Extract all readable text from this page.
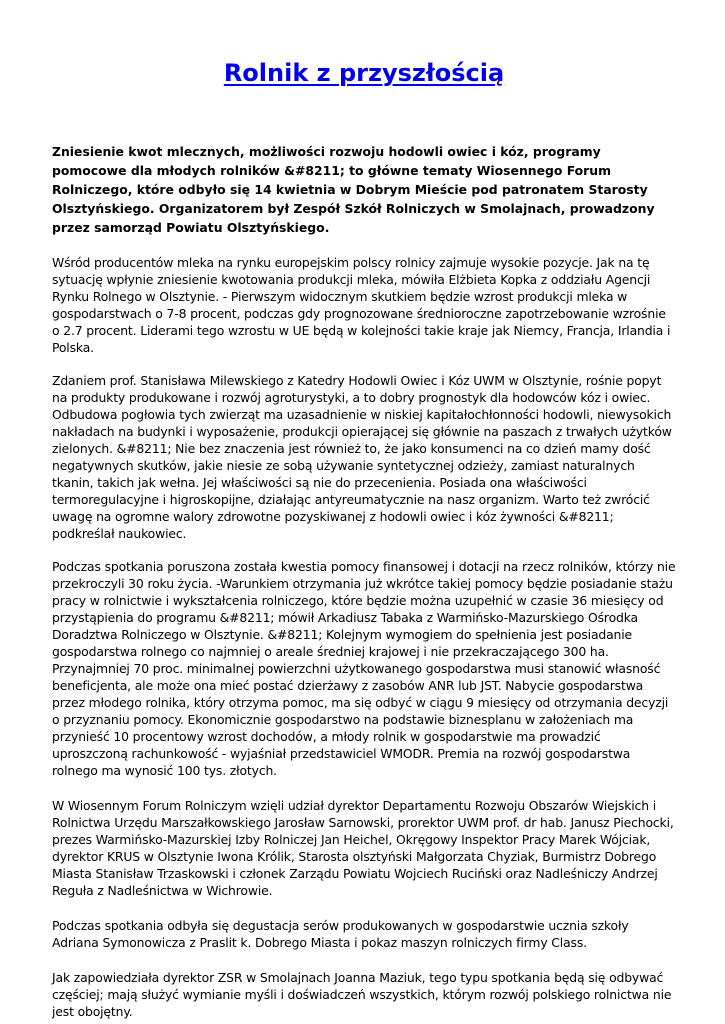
Rolnik z przyszłością

Zniesienie kwot mlecznych, możliwości rozwoju hodowli owiec i kóz, programy pomocowe dla młodych rolników &#8211; to główne tematy Wiosennego Forum Rolniczego, które odbyło się 14 kwietnia w Dobrym Mieście pod patronatem Starosty Olsztyńskiego. Organizatorem był Zespół Szkół Rolniczych w Smolajnach, prowadzony przez samorząd Powiatu Olsztyńskiego.

Wśród producentów mleka na rynku europejskim polscy rolnicy zajmuje wysokie pozycje. Jak na tę sytuację wpłynie zniesienie kwotowania produkcji mleka, mówiła Elżbieta Kopka z oddziału Agencji Rynku Rolnego w Olsztynie. - Pierwszym widocznym skutkiem będzie wzrost produkcji mleka w gospodarstwach o 7-8 procent, podczas gdy prognozowane średnioroczne zapotrzebowanie wzrośnie o 2.7 procent. Liderami tego wzrostu w UE będą w kolejności takie kraje jak Niemcy, Francja, Irlandia i Polska.

Zdaniem prof. Stanisława Milewskiego z Katedry Hodowli Owiec i Kóz UWM w Olsztynie, rośnie popyt na produkty produkowane i rozwój agroturystyki, a to dobry prognostyk dla hodowców kóz i owiec. Odbudowa pogłowia tych zwierząt ma uzasadnienie w niskiej kapitałochłonności hodowli, niewysokich nakładach na budynki i wyposażenie, produkcji opierającej się głównie na paszach z trwałych użytków zielonych. &#8211; Nie bez znaczenia jest również to, że jako konsumenci na co dzień mamy dość negatywnych skutków, jakie niesie ze sobą używanie syntetycznej odzieży, zamiast naturalnych tkanin, takich jak wełna. Jej właściwości są nie do przecenienia. Posiada ona właściwości termoregulacyjne i higroskopijne, działając antyreumatycznie na nasz organizm. Warto też zwrócić uwagę na ogromne walory zdrowotne pozyskiwanej z hodowli owiec i kóz żywności &#8211; podkreślał naukowiec.

Podczas spotkania poruszona została kwestia pomocy finansowej i dotacji na rzecz rolników, którzy nie przekroczyli 30 roku życia. -Warunkiem otrzymania już wkrótce takiej pomocy będzie posiadanie stażu pracy w rolnictwie i wykształcenia rolniczego, które będzie można uzupełnić w czasie 36 miesięcy od przystąpienia do programu &#8211; mówił Arkadiusz Tabaka z Warmińsko-Mazurskiego Ośrodka Doradztwa Rolniczego w Olsztynie. &#8211; Kolejnym wymogiem do spełnienia jest posiadanie gospodarstwa rolnego co najmniej o areale średniej krajowej i nie przekraczającego 300 ha. Przynajmniej 70 proc. minimalnej powierzchni użytkowanego gospodarstwa musi stanowić własność beneficjenta, ale może ona mieć postać dzierżawy z zasobów ANR lub JST. Nabycie gospodarstwa przez młodego rolnika, który otrzyma pomoc, ma się odbyć w ciągu 9 miesięcy od otrzymania decyzji o przyznaniu pomocy. Ekonomicznie gospodarstwo na podstawie biznesplanu w założeniach ma przynieść 10 procentowy wzrost dochodów, a młody rolnik w gospodarstwie ma prowadzić uproszczoną rachunkowość - wyjaśniał przedstawiciel WMODR. Premia na rozwój gospodarstwa rolnego ma wynosić 100 tys. złotych.

W Wiosennym Forum Rolniczym wzięli udział dyrektor Departamentu Rozwoju Obszarów Wiejskich i Rolnictwa Urzędu Marszałkowskiego Jarosław Sarnowski, prorektor UWM prof. dr hab. Janusz Piechocki, prezes Warmińsko-Mazurskiej Izby Rolniczej Jan Heichel, Okręgowy Inspektor Pracy Marek Wójciak, dyrektor KRUS w Olsztynie Iwona Królik, Starosta olsztyński Małgorzata Chyziak, Burmistrz Dobrego Miasta Stanisław Trzaskowski i członek Zarządu Powiatu Wojciech Ruciński oraz Nadleśniczy Andrzej Reguła z Nadleśnictwa w Wichrowie.

Podczas spotkania odbyła się degustacja serów produkowanych w gospodarstwie ucznia szkoły Adriana Symonowicza z Praslit k. Dobrego Miasta i pokaz maszyn rolniczych firmy Class.

Jak zapowiedziała dyrektor ZSR w Smolajnach Joanna Maziuk, tego typu spotkania będą się odbywać częściej; mają służyć wymianie myśli i doświadczeń wszystkich, którym rozwój polskiego rolnictwa nie jest obojętny.
